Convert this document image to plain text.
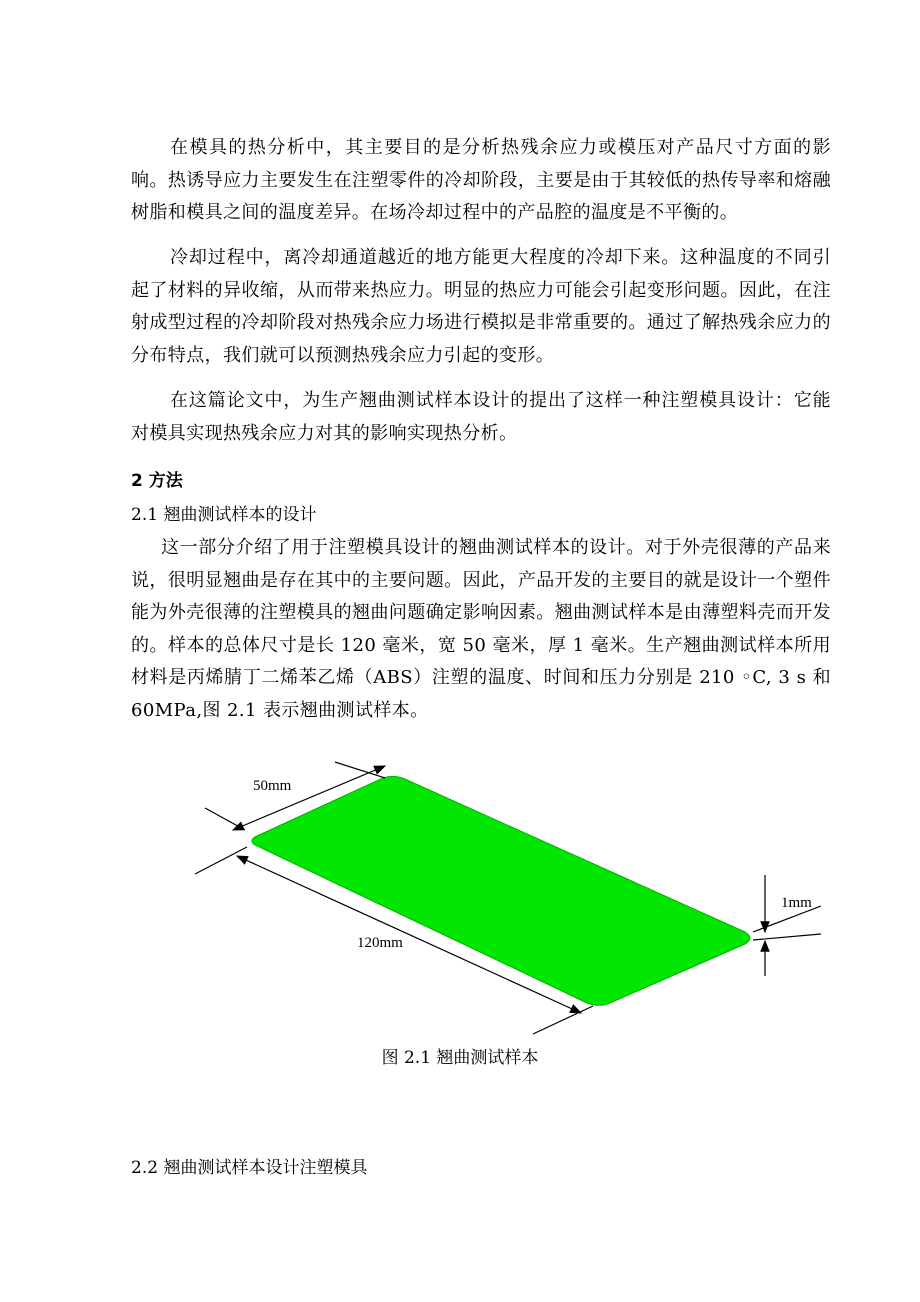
在模具的热分析中，其主要目的是分析热残余应力或模压对产品尺寸方面的影响。热诱导应力主要发生在注塑零件的冷却阶段，主要是由于其较低的热传导率和熔融树脂和模具之间的温度差异。在场冷却过程中的产品腔的温度是不平衡的。

冷却过程中，离冷却通道越近的地方能更大程度的冷却下来。这种温度的不同引起了材料的异收缩，从而带来热应力。明显的热应力可能会引起变形问题。因此，在注射成型过程的冷却阶段对热残余应力场进行模拟是非常重要的。通过了解热残余应力的分布特点，我们就可以预测热残余应力引起的变形。

在这篇论文中，为生产翘曲测试样本设计的提出了这样一种注塑模具设计：它能对模具实现热残余应力对其的影响实现热分析。

2 方法
2.1 翘曲测试样本的设计

这一部分介绍了用于注塑模具设计的翘曲测试样本的设计。对于外壳很薄的产品来说，很明显翘曲是存在其中的主要问题。因此，产品开发的主要目的就是设计一个塑件能为外壳很薄的注塑模具的翘曲问题确定影响因素。翘曲测试样本是由薄塑料壳而开发的。样本的总体尺寸是长 120 毫米，宽 50 毫米，厚 1 毫米。生产翘曲测试样本所用材料是丙烯腈丁二烯苯乙烯（ABS）注塑的温度、时间和压力分别是 210 ◦C, 3 s 和 60MPa,图 2.1 表示翘曲测试样本。

50mm
120mm
1mm
图 2.1 翘曲测试样本
2.2 翘曲测试样本设计注塑模具
